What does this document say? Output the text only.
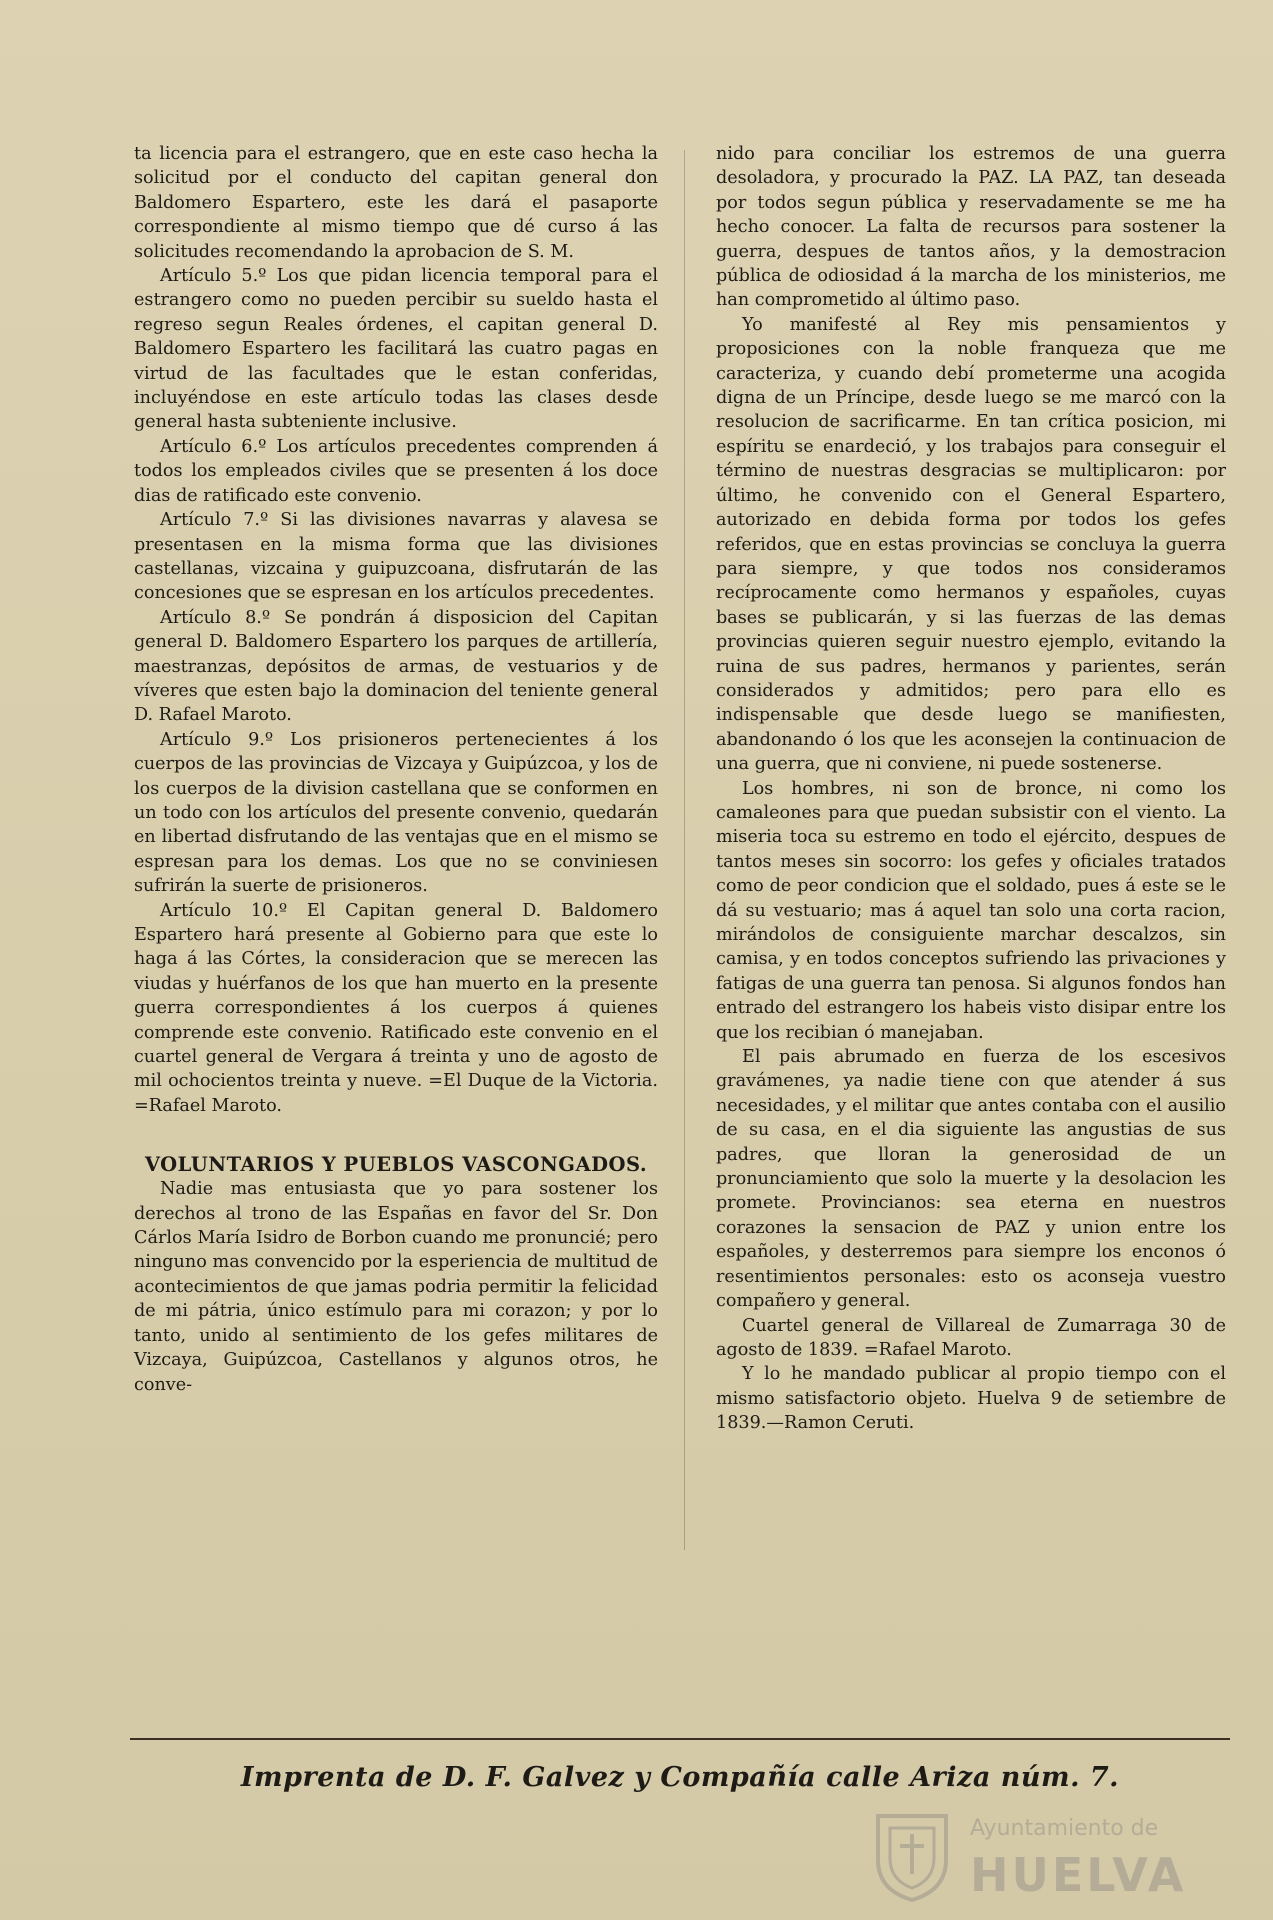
ta licencia para el estrangero, que en este caso hecha la solicitud por el conducto del capitan general don Baldomero Espartero, este les dará el pasaporte correspondiente al mismo tiempo que dé curso á las solicitudes recomendando la aprobacion de S. M.

Artículo 5.º Los que pidan licencia temporal para el estrangero como no pueden percibir su sueldo hasta el regreso segun Reales órdenes, el capitan general D. Baldomero Espartero les facilitará las cuatro pagas en virtud de las facultades que le estan conferidas, incluyéndose en este artículo todas las clases desde general hasta subteniente inclusive.

Artículo 6.º Los artículos precedentes comprenden á todos los empleados civiles que se presenten á los doce dias de ratificado este convenio.

Artículo 7.º Si las divisiones navarras y alavesa se presentasen en la misma forma que las divisiones castellanas, vizcaina y guipuzcoana, disfrutarán de las concesiones que se espresan en los artículos precedentes.

Artículo 8.º Se pondrán á disposicion del Capitan general D. Baldomero Espartero los parques de artillería, maestranzas, depósitos de armas, de vestuarios y de víveres que esten bajo la dominacion del teniente general D. Rafael Maroto.

Artículo 9.º Los prisioneros pertenecientes á los cuerpos de las provincias de Vizcaya y Guipúzcoa, y los de los cuerpos de la division castellana que se conformen en un todo con los artículos del presente convenio, quedarán en libertad disfrutando de las ventajas que en el mismo se espresan para los demas. Los que no se conviniesen sufrirán la suerte de prisioneros.

Artículo 10.º El Capitan general D. Baldomero Espartero hará presente al Gobierno para que este lo haga á las Córtes, la consideracion que se merecen las viudas y huérfanos de los que han muerto en la presente guerra correspondientes á los cuerpos á quienes comprende este convenio. Ratificado este convenio en el cuartel general de Vergara á treinta y uno de agosto de mil ochocientos treinta y nueve. =El Duque de la Victoria. =Rafael Maroto.

VOLUNTARIOS Y PUEBLOS VASCONGADOS.

Nadie mas entusiasta que yo para sostener los derechos al trono de las Españas en favor del Sr. Don Cárlos María Isidro de Borbon cuando me pronuncié; pero ninguno mas convencido por la esperiencia de multitud de acontecimientos de que jamas podria permitir la felicidad de mi pátria, único estímulo para mi corazon; y por lo tanto, unido al sentimiento de los gefes militares de Vizcaya, Guipúzcoa, Castellanos y algunos otros, he conve-

nido para conciliar los estremos de una guerra desoladora, y procurado la PAZ. LA PAZ, tan deseada por todos segun pública y reservadamente se me ha hecho conocer. La falta de recursos para sostener la guerra, despues de tantos años, y la demostracion pública de odiosidad á la marcha de los ministerios, me han comprometido al último paso.

Yo manifesté al Rey mis pensamientos y proposiciones con la noble franqueza que me caracteriza, y cuando debí prometerme una acogida digna de un Príncipe, desde luego se me marcó con la resolucion de sacrificarme. En tan crítica posicion, mi espíritu se enardeció, y los trabajos para conseguir el término de nuestras desgracias se multiplicaron: por último, he convenido con el General Espartero, autorizado en debida forma por todos los gefes referidos, que en estas provincias se concluya la guerra para siempre, y que todos nos consideramos recíprocamente como hermanos y españoles, cuyas bases se publicarán, y si las fuerzas de las demas provincias quieren seguir nuestro ejemplo, evitando la ruina de sus padres, hermanos y parientes, serán considerados y admitidos; pero para ello es indispensable que desde luego se manifiesten, abandonando ó los que les aconsejen la continuacion de una guerra, que ni conviene, ni puede sostenerse.

Los hombres, ni son de bronce, ni como los camaleones para que puedan subsistir con el viento. La miseria toca su estremo en todo el ejército, despues de tantos meses sin socorro: los gefes y oficiales tratados como de peor condicion que el soldado, pues á este se le dá su vestuario; mas á aquel tan solo una corta racion, mirándolos de consiguiente marchar descalzos, sin camisa, y en todos conceptos sufriendo las privaciones y fatigas de una guerra tan penosa. Si algunos fondos han entrado del estrangero los habeis visto disipar entre los que los recibian ó manejaban.

El pais abrumado en fuerza de los escesivos gravámenes, ya nadie tiene con que atender á sus necesidades, y el militar que antes contaba con el ausilio de su casa, en el dia siguiente las angustias de sus padres, que lloran la generosidad de un pronunciamiento que solo la muerte y la desolacion les promete. Provincianos: sea eterna en nuestros corazones la sensacion de PAZ y union entre los españoles, y desterremos para siempre los enconos ó resentimientos personales: esto os aconseja vuestro compañero y general.

Cuartel general de Villareal de Zumarraga 30 de agosto de 1839. =Rafael Maroto.

Y lo he mandado publicar al propio tiempo con el mismo satisfactorio objeto. Huelva 9 de setiembre de 1839.—Ramon Ceruti.

Imprenta de D. F. Galvez y Compañía calle Ariza núm. 7.
Ayuntamiento de
HUELVA
